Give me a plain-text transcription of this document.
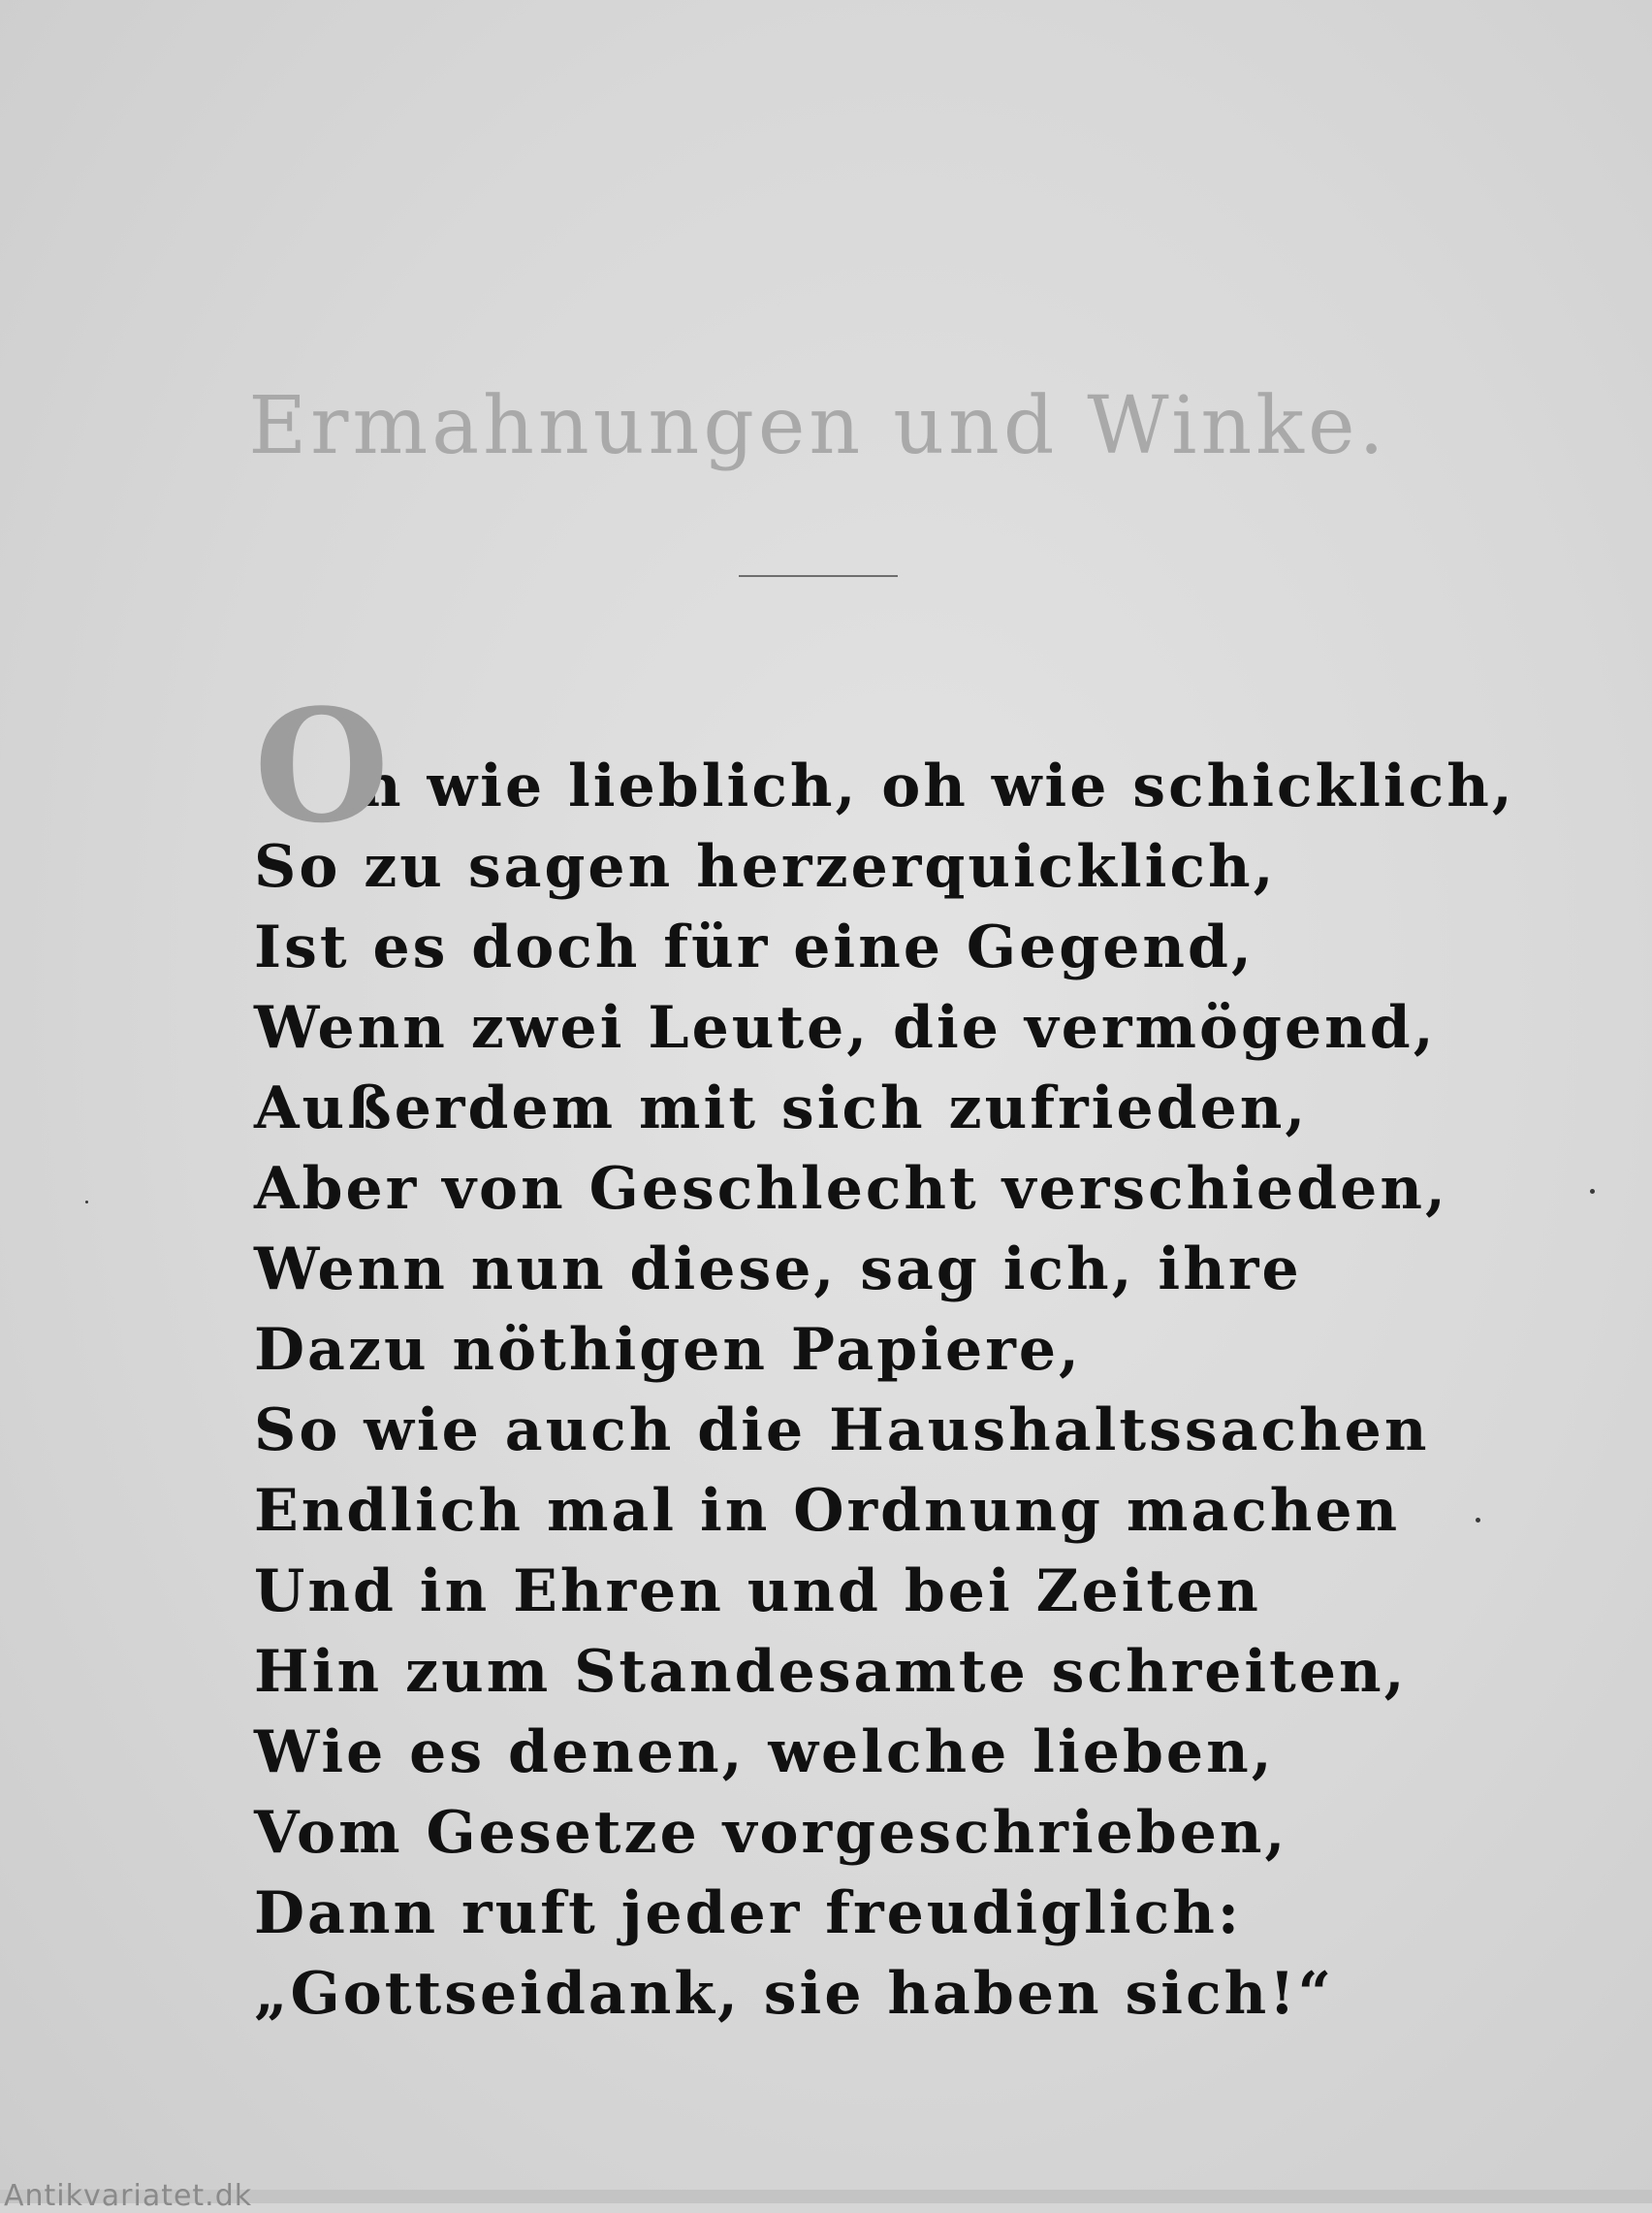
Ermahnungen und Winke.
O
h wie lieblich, oh wie schicklich,
So zu sagen herzerquicklich,
Ist es doch für eine Gegend,
Wenn zwei Leute, die vermögend,
Außerdem mit sich zufrieden,
Aber von Geschlecht verschieden,
Wenn nun diese, sag ich, ihre
Dazu nöthigen Papiere,
So wie auch die Haushaltssachen
Endlich mal in Ordnung machen
Und in Ehren und bei Zeiten
Hin zum Standesamte schreiten,
Wie es denen, welche lieben,
Vom Gesetze vorgeschrieben,
Dann ruft jeder freudiglich:
„Gottseidank, sie haben sich!“
Antikvariatet.dk
